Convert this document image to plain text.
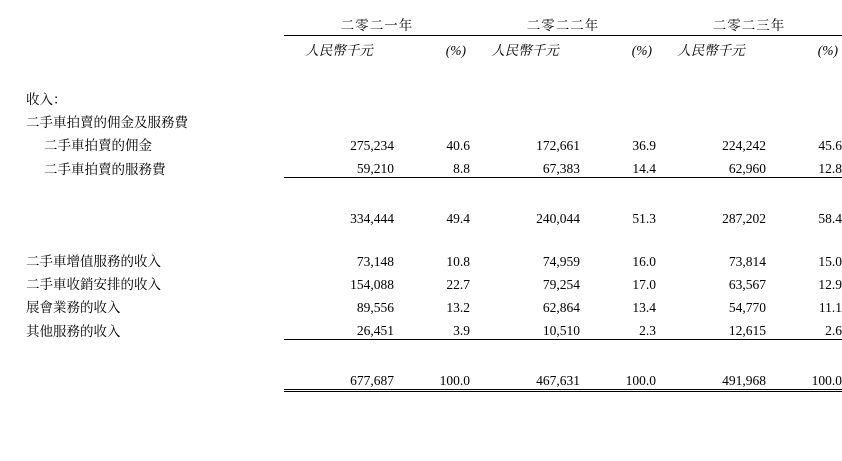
	二零二一年		二零二二年		二零二三年	

	人民幣千元	(%)	人民幣千元	(%)	人民幣千元	(%)

收入：						
二手車拍賣的佣金及服務費						
二手車拍賣的佣金	275,234	40.6	172,661	36.9	224,242	45.6
二手車拍賣的服務費	59,210	8.8	67,383	14.4	62,960	12.8

	334,444	49.4	240,044	51.3	287,202	58.4

二手車增值服務的收入	73,148	10.8	74,959	16.0	73,814	15.0
二手車收銷安排的收入	154,088	22.7	79,254	17.0	63,567	12.9
展會業務的收入	89,556	13.2	62,864	13.4	54,770	11.1
其他服務的收入	26,451	3.9	10,510	2.3	12,615	2.6

	677,687	100.0	467,631	100.0	491,968	100.0
